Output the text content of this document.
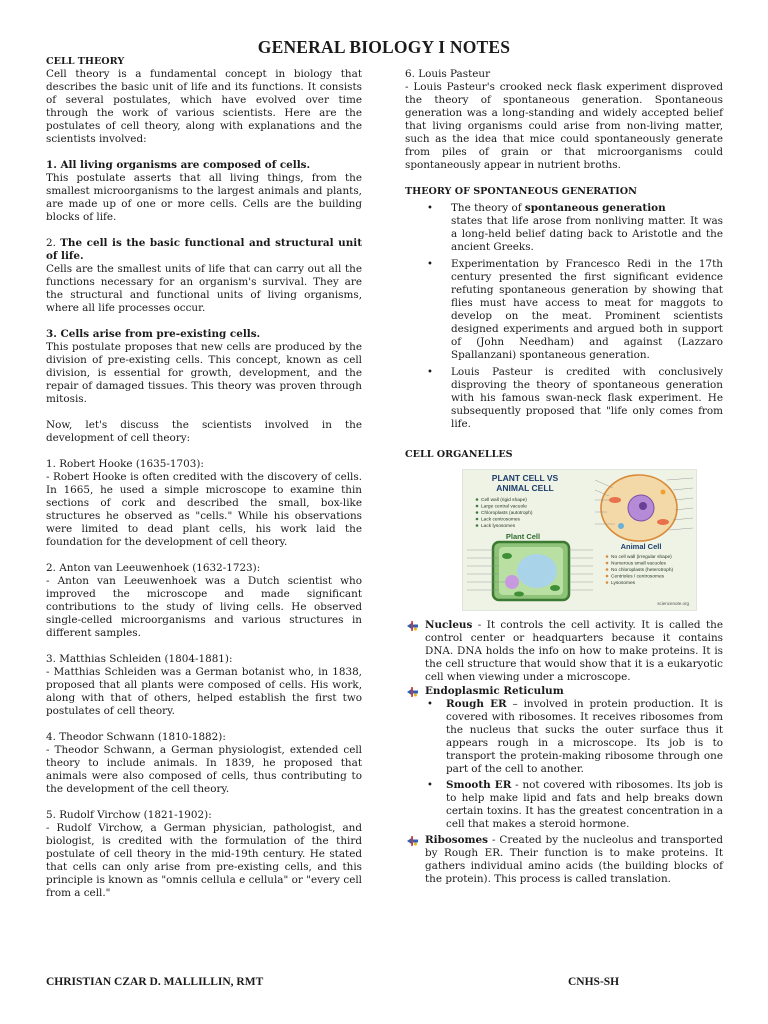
GENERAL BIOLOGY I NOTES
CELL THEORY

Cell theory is a fundamental concept in biology that describes the basic unit of life and its functions. It consists of several postulates, which have evolved over time through the work of various scientists. Here are the postulates of cell theory, along with explanations and the scientists involved:

1. All living organisms are composed of cells.

This postulate asserts that all living things, from the smallest microorganisms to the largest animals and plants, are made up of one or more cells. Cells are the building blocks of life.

2. The cell is the basic functional and structural unit of life.

Cells are the smallest units of life that can carry out all the functions necessary for an organism's survival. They are the structural and functional units of living organisms, where all life processes occur.

3. Cells arise from pre-existing cells.

This postulate proposes that new cells are produced by the division of pre-existing cells. This concept, known as cell division, is essential for growth, development, and the repair of damaged tissues. This theory was proven through mitosis.

Now, let's discuss the scientists involved in the development of cell theory:

1. Robert Hooke (1635-1703):

- Robert Hooke is often credited with the discovery of cells. In 1665, he used a simple microscope to examine thin sections of cork and described the small, box-like structures he observed as "cells." While his observations were limited to dead plant cells, his work laid the foundation for the development of cell theory.

2. Anton van Leeuwenhoek (1632-1723):

- Anton van Leeuwenhoek was a Dutch scientist who improved the microscope and made significant contributions to the study of living cells. He observed single-celled microorganisms and various structures in different samples.

3. Matthias Schleiden (1804-1881):

- Matthias Schleiden was a German botanist who, in 1838, proposed that all plants were composed of cells. His work, along with that of others, helped establish the first two postulates of cell theory.

4. Theodor Schwann (1810-1882):

- Theodor Schwann, a German physiologist, extended cell theory to include animals. In 1839, he proposed that animals were also composed of cells, thus contributing to the development of the cell theory.

5. Rudolf Virchow (1821-1902):

- Rudolf Virchow, a German physician, pathologist, and biologist, is credited with the formulation of the third postulate of cell theory in the mid-19th century. He stated that cells can only arise from pre-existing cells, and this principle is known as "omnis cellula e cellula" or "every cell from a cell."

6. Louis Pasteur

- Louis Pasteur's crooked neck flask experiment disproved the theory of spontaneous generation. Spontaneous generation was a long-standing and widely accepted belief that living organisms could arise from non-living matter, such as the idea that mice could spontaneously generate from piles of grain or that microorganisms could spontaneously appear in nutrient broths.

THEORY OF SPONTANEOUS GENERATION
• The theory of spontaneous generation
states that life arose from nonliving matter. It was a long-held belief dating back to Aristotle and the ancient Greeks.
• Experimentation by Francesco Redi in the 17th century presented the first significant evidence refuting spontaneous generation by showing that flies must have access to meat for maggots to develop on the meat. Prominent scientists designed experiments and argued both in support of (John Needham) and against (Lazzaro Spallanzani) spontaneous generation.
• Louis Pasteur is credited with conclusively disproving the theory of spontaneous generation with his famous swan-neck flask experiment. He subsequently proposed that "life only comes from life.
CELL ORGANELLES
PLANT CELL VS
ANIMAL CELL
Cell wall (rigid shape)
Large central vacuole
Chloroplasts (autotroph)
Lack centrosomes
Lack lysosomes
Plant Cell
Animal Cell
No cell wall (irregular shape)
Numerous small vacuoles
No chloroplasts (heterotroph)
Centrioles / centrosomes
Lysosomes
sciencenote.org
Nucleus - It controls the cell activity. It is called the control center or headquarters because it contains DNA. DNA holds the info on how to make proteins. It is the cell structure that would show that it is a eukaryotic cell when viewing under a microscope.
Endoplasmic Reticulum
• Rough ER – involved in protein production. It is covered with ribosomes. It receives ribosomes from the nucleus that sucks the outer surface thus it appears rough in a microscope. Its job is to transport the protein-making ribosome through one part of the cell to another.
• Smooth ER - not covered with ribosomes. Its job is to help make lipid and fats and help breaks down certain toxins. It has the greatest concentration in a cell that makes a steroid hormone.
Ribosomes - Created by the nucleolus and transported by Rough ER. Their function is to make proteins. It gathers individual amino acids (the building blocks of the protein). This process is called translation.
CHRISTIAN CZAR D. MALLILLIN, RMT	CNHS-SH
